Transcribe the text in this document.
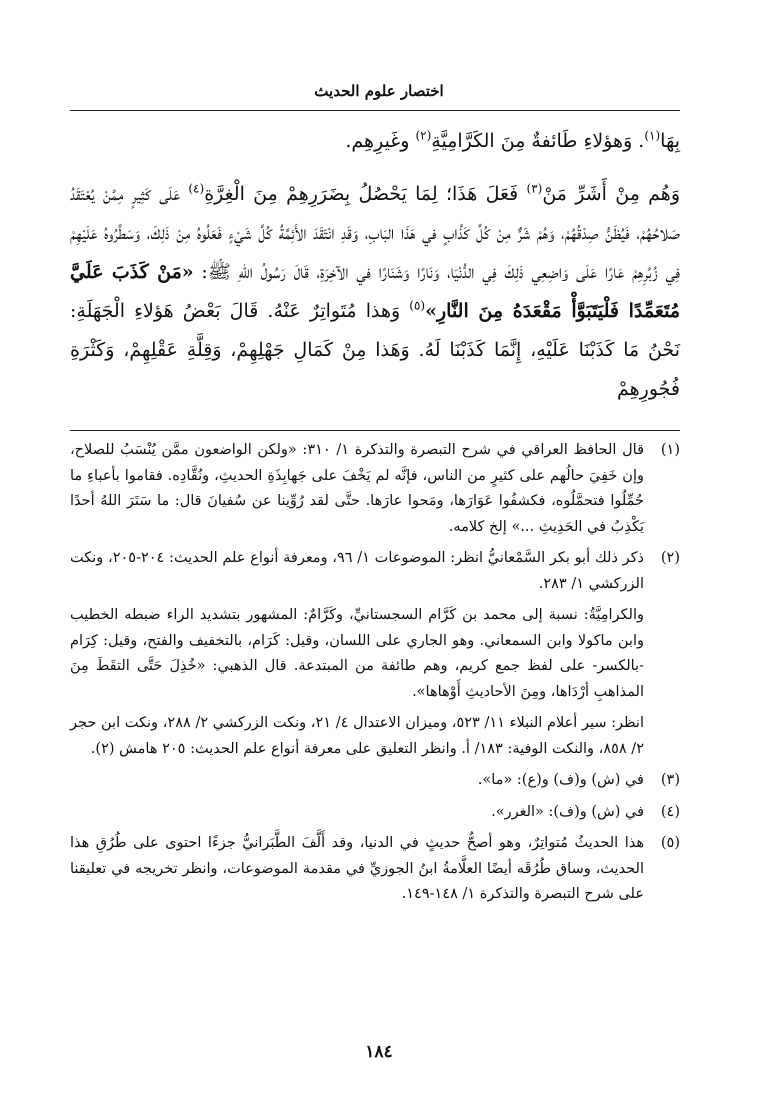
اختصار علوم الحديث

بِهَا$^{(١)}$. وَهؤلاءِ طَائفةٌ مِنَ الكَرَّامِيَّةِ$^{(٢)}$ وغَيرِهِم.

وَهُم مِنْ أَشَرِّ مَنْ$^{(٣)}$ فَعَلَ هَذَا؛ لِمَا يَحْصُلُ بِضَرَرِهِمْ مِنَ الْغِرَّةِ$^{(٤)}$ عَلَى كَثِيرٍ مِمَّنْ يُعْتَقَدُ صَلاحُهُمْ، فَيُظَنُّ صِدْقُهُمْ، وَهُمْ شَرٌّ مِنْ كُلِّ كَذَّابٍ في هَذَا البَابِ، وَقَدِ انْتَقَدَ الأَئِمَّةُ كُلَّ شَيْءٍ فَعَلُوهُ مِنْ ذَلِكَ، وَسَطَّرُوهُ عَلَيْهِمْ فِي زُبُرِهِمْ عَارًا عَلَى وَاضِعِي ذَلِكَ فِي الدُّنْيَا، وَنَارًا وَشَنَارًا في الآخِرَةِ، قَالَ رَسُولُ اللهِ ﷺ: «مَنْ كَذَبَ عَلَيَّ مُتَعَمِّدًا فَلْيَتَبَوَّأْ مَقْعَدَهُ مِنَ النَّارِ»$^{(٥)}$ وَهذا مُتَواتِرٌ عَنْهُ. قَالَ بَعْضُ هَؤلاءِ الْجَهَلَةِ: نَحْنُ مَا كَذَبْنَا عَلَيْهِ، إِنَّمَا كَذَبْنَا لَهُ. وَهَذا مِنْ كَمَالِ جَهْلِهِمْ، وَقِلَّةِ عَقْلِهِمْ، وَكَثْرَةِ فُجُورِهِمْ

(١)

قال الحافظ العراقي في شرح التبصرة والتذكرة ١/ ٣١٠: «ولكن الواضعون ممَّن يُنْسَبُ للصلاح، وإن خَفِيَ حالُهم على كثيرٍ من الناس، فإنَّه لم يَخْفَ على جَهابِذَةِ الحديثِ، ونُقَّادِه. فقاموا بأعباءِ ما حُمِّلُوا فتحمَّلُوه، فكشفُوا عَوَارَها، ومَحوا عارَها. حتَّى لقد رُوِّينا عن سُفيانَ قال: ما سَتَرَ اللهُ أحدًا يَكْذِبُ في الحَدِيثِ ...» إلخ كلامه.

(٢)

ذكر ذلك أبو بكر السَّمْعانيُّ انظر: الموضوعات ١/ ٩٦، ومعرفة أنواع علم الحديث: ٢٠٤-٢٠٥، ونكت الزركشي ١/ ٢٨٣.

والكرامِيَّةُ: نسبة إلى محمد بن كَرَّام السجستانيِّ، وكَرَّامٌ: المشهور بتشديد الراء ضبطه الخطيب وابن ماكولا وابن السمعاني. وهو الجاري على اللسان، وقيل: كَرَام، بالتخفيف والفتح، وقيل: كِرَام -بالكسر- على لفظ جمع كريم، وهم طائفة من المبتدعة. قال الذهبي: «خُذِلَ حَتَّى التقَطَ مِنَ المذاهبِ أرْدَاها، ومِنَ الأحاديثِ أَوْهاها».

انظر: سير أعلام النبلاء ١١/ ٥٢٣، وميزان الاعتدال ٤/ ٢١، ونكت الزركشي ٢/ ٢٨٨، ونكت ابن حجر ٢/ ٨٥٨، والنكت الوفية: ١٨٣/ أ. وانظر التعليق على معرفة أنواع علم الحديث: ٢٠٥ هامش (٢).

(٣)

في (ش) و(ف) و(ع): «ما».

(٤)

في (ش) و(ف): «الغرر».

(٥)

هذا الحديثُ مُتواتِرٌ، وهو أصحُّ حديثٍ في الدنيا، وقد أَلَّفَ الطَّبَرانيُّ جزءًا احتوى على طُرُقِ هذا الحديث، وساق طُرُقَه أيضًا العلَّامةُ ابنُ الجوزيِّ في مقدمة الموضوعات، وانظر تخريجه في تعليقنا على شرح التبصرة والتذكرة ١/ ١٤٨-١٤٩.

١٨٤
